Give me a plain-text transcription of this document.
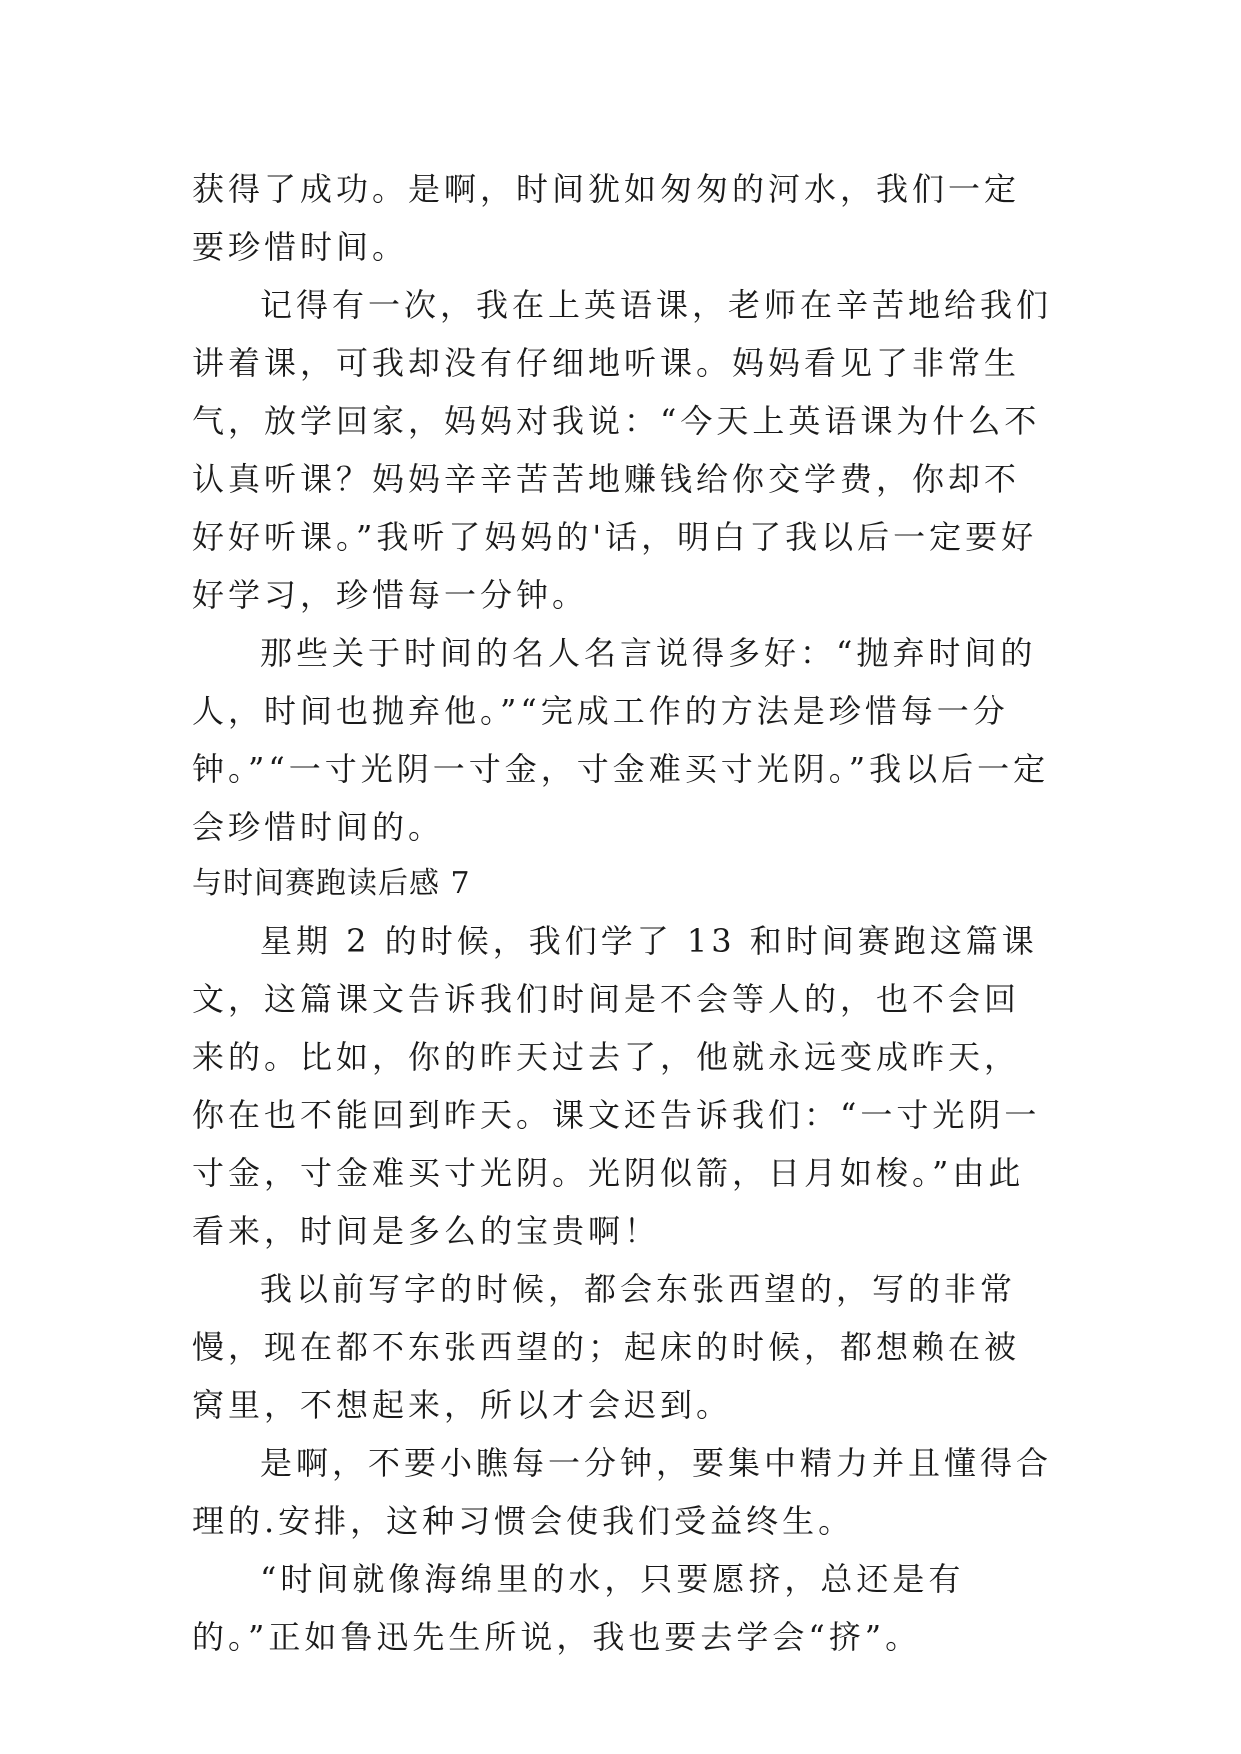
获得了成功。是啊，时间犹如匆匆的河水，我们一定要珍惜时间。

记得有一次，我在上英语课，老师在辛苦地给我们讲着课，可我却没有仔细地听课。妈妈看见了非常生气，放学回家，妈妈对我说：“今天上英语课为什么不认真听课？妈妈辛辛苦苦地赚钱给你交学费，你却不好好听课。”我听了妈妈的'话，明白了我以后一定要好好学习，珍惜每一分钟。

那些关于时间的名人名言说得多好：“抛弃时间的人，时间也抛弃他。”“完成工作的方法是珍惜每一分钟。”“一寸光阴一寸金，寸金难买寸光阴。”我以后一定会珍惜时间的。

与时间赛跑读后感 7

星期 2 的时候，我们学了 13 和时间赛跑这篇课文，这篇课文告诉我们时间是不会等人的，也不会回来的。比如，你的昨天过去了，他就永远变成昨天，你在也不能回到昨天。课文还告诉我们：“一寸光阴一寸金，寸金难买寸光阴。光阴似箭，日月如梭。”由此看来，时间是多么的宝贵啊！

我以前写字的时候，都会东张西望的，写的非常慢，现在都不东张西望的；起床的时候，都想赖在被窝里，不想起来，所以才会迟到。

是啊，不要小瞧每一分钟，要集中精力并且懂得合理的.安排，这种习惯会使我们受益终生。

“时间就像海绵里的水，只要愿挤，总还是有的。”正如鲁迅先生所说，我也要去学会“挤”。
